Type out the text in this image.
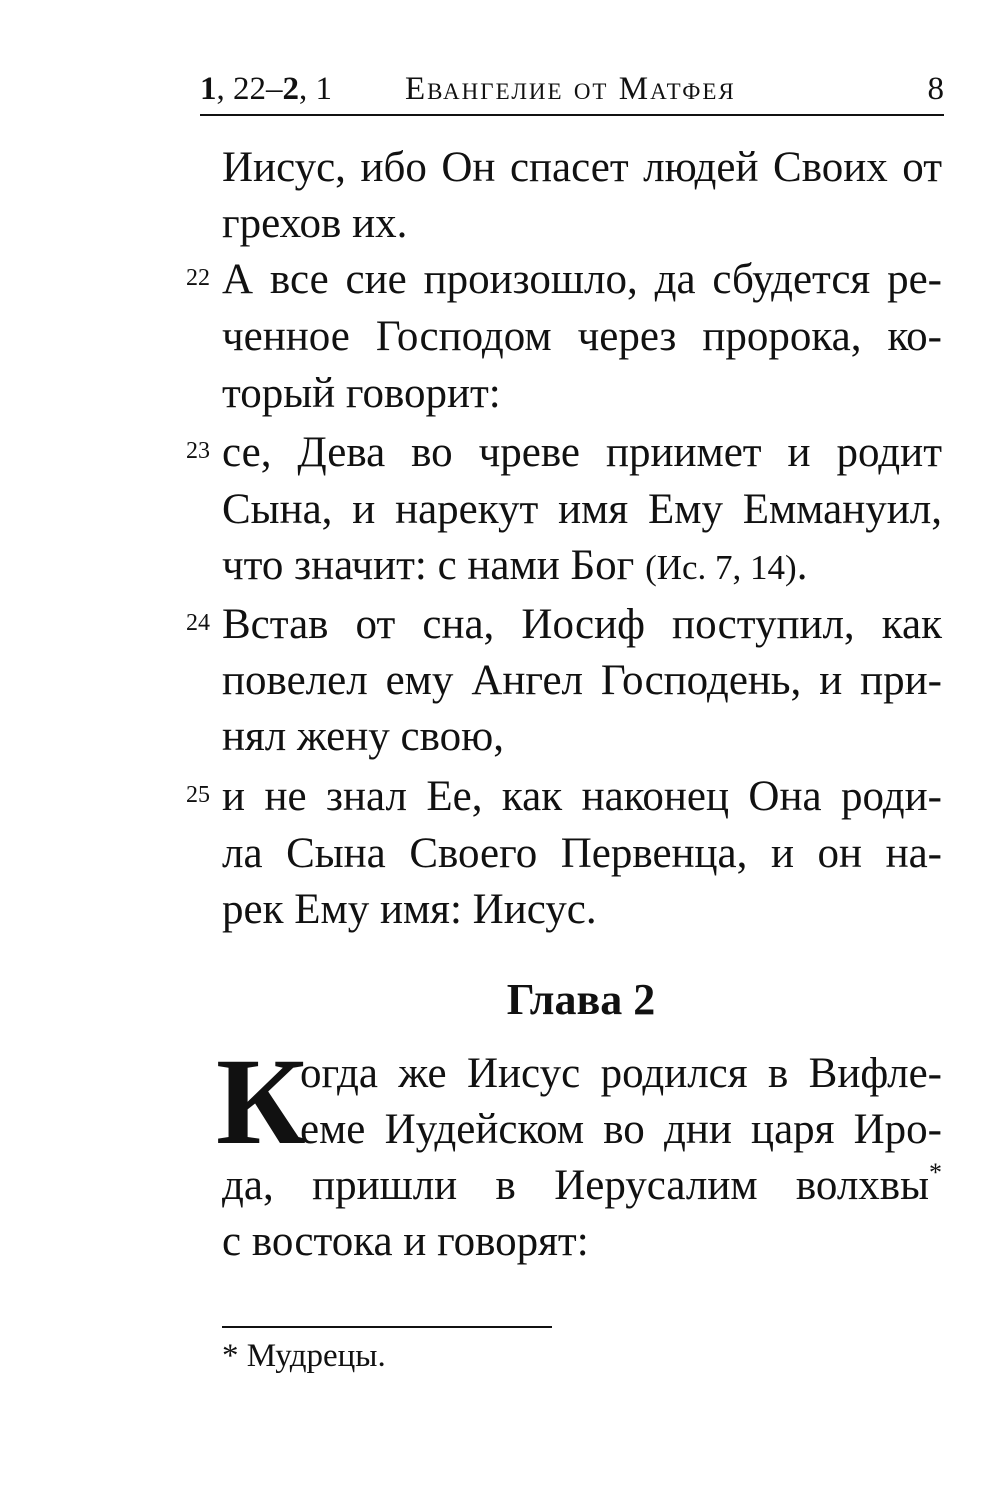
1, 22–2, 1 Евангелие от Матфея	8
Иисус, ибо Он спасет людей Своих от
грехов их.
22 А все сие произошло, да сбудется ре-
ченное Господом через пророка, ко-
торый говорит:
23 се, Дева во чреве приимет и родит
Сына, и нарекут имя Ему Еммануил,
что значит: с нами Бог (Ис. 7, 14).
24 Встав от сна, Иосиф поступил, как
повелел ему Ангел Господень, и при-
нял жену свою,
25 и не знал Ее, как наконец Она роди-
ла Сына Своего Первенца, и он на-
рек Ему имя: Иисус.
Глава 2
К
огда же Иисус родился в Вифле-
еме Иудейском во дни царя Иро-
да, пришли в Иерусалим волхвы*
с востока и говорят:
* Мудрецы.
